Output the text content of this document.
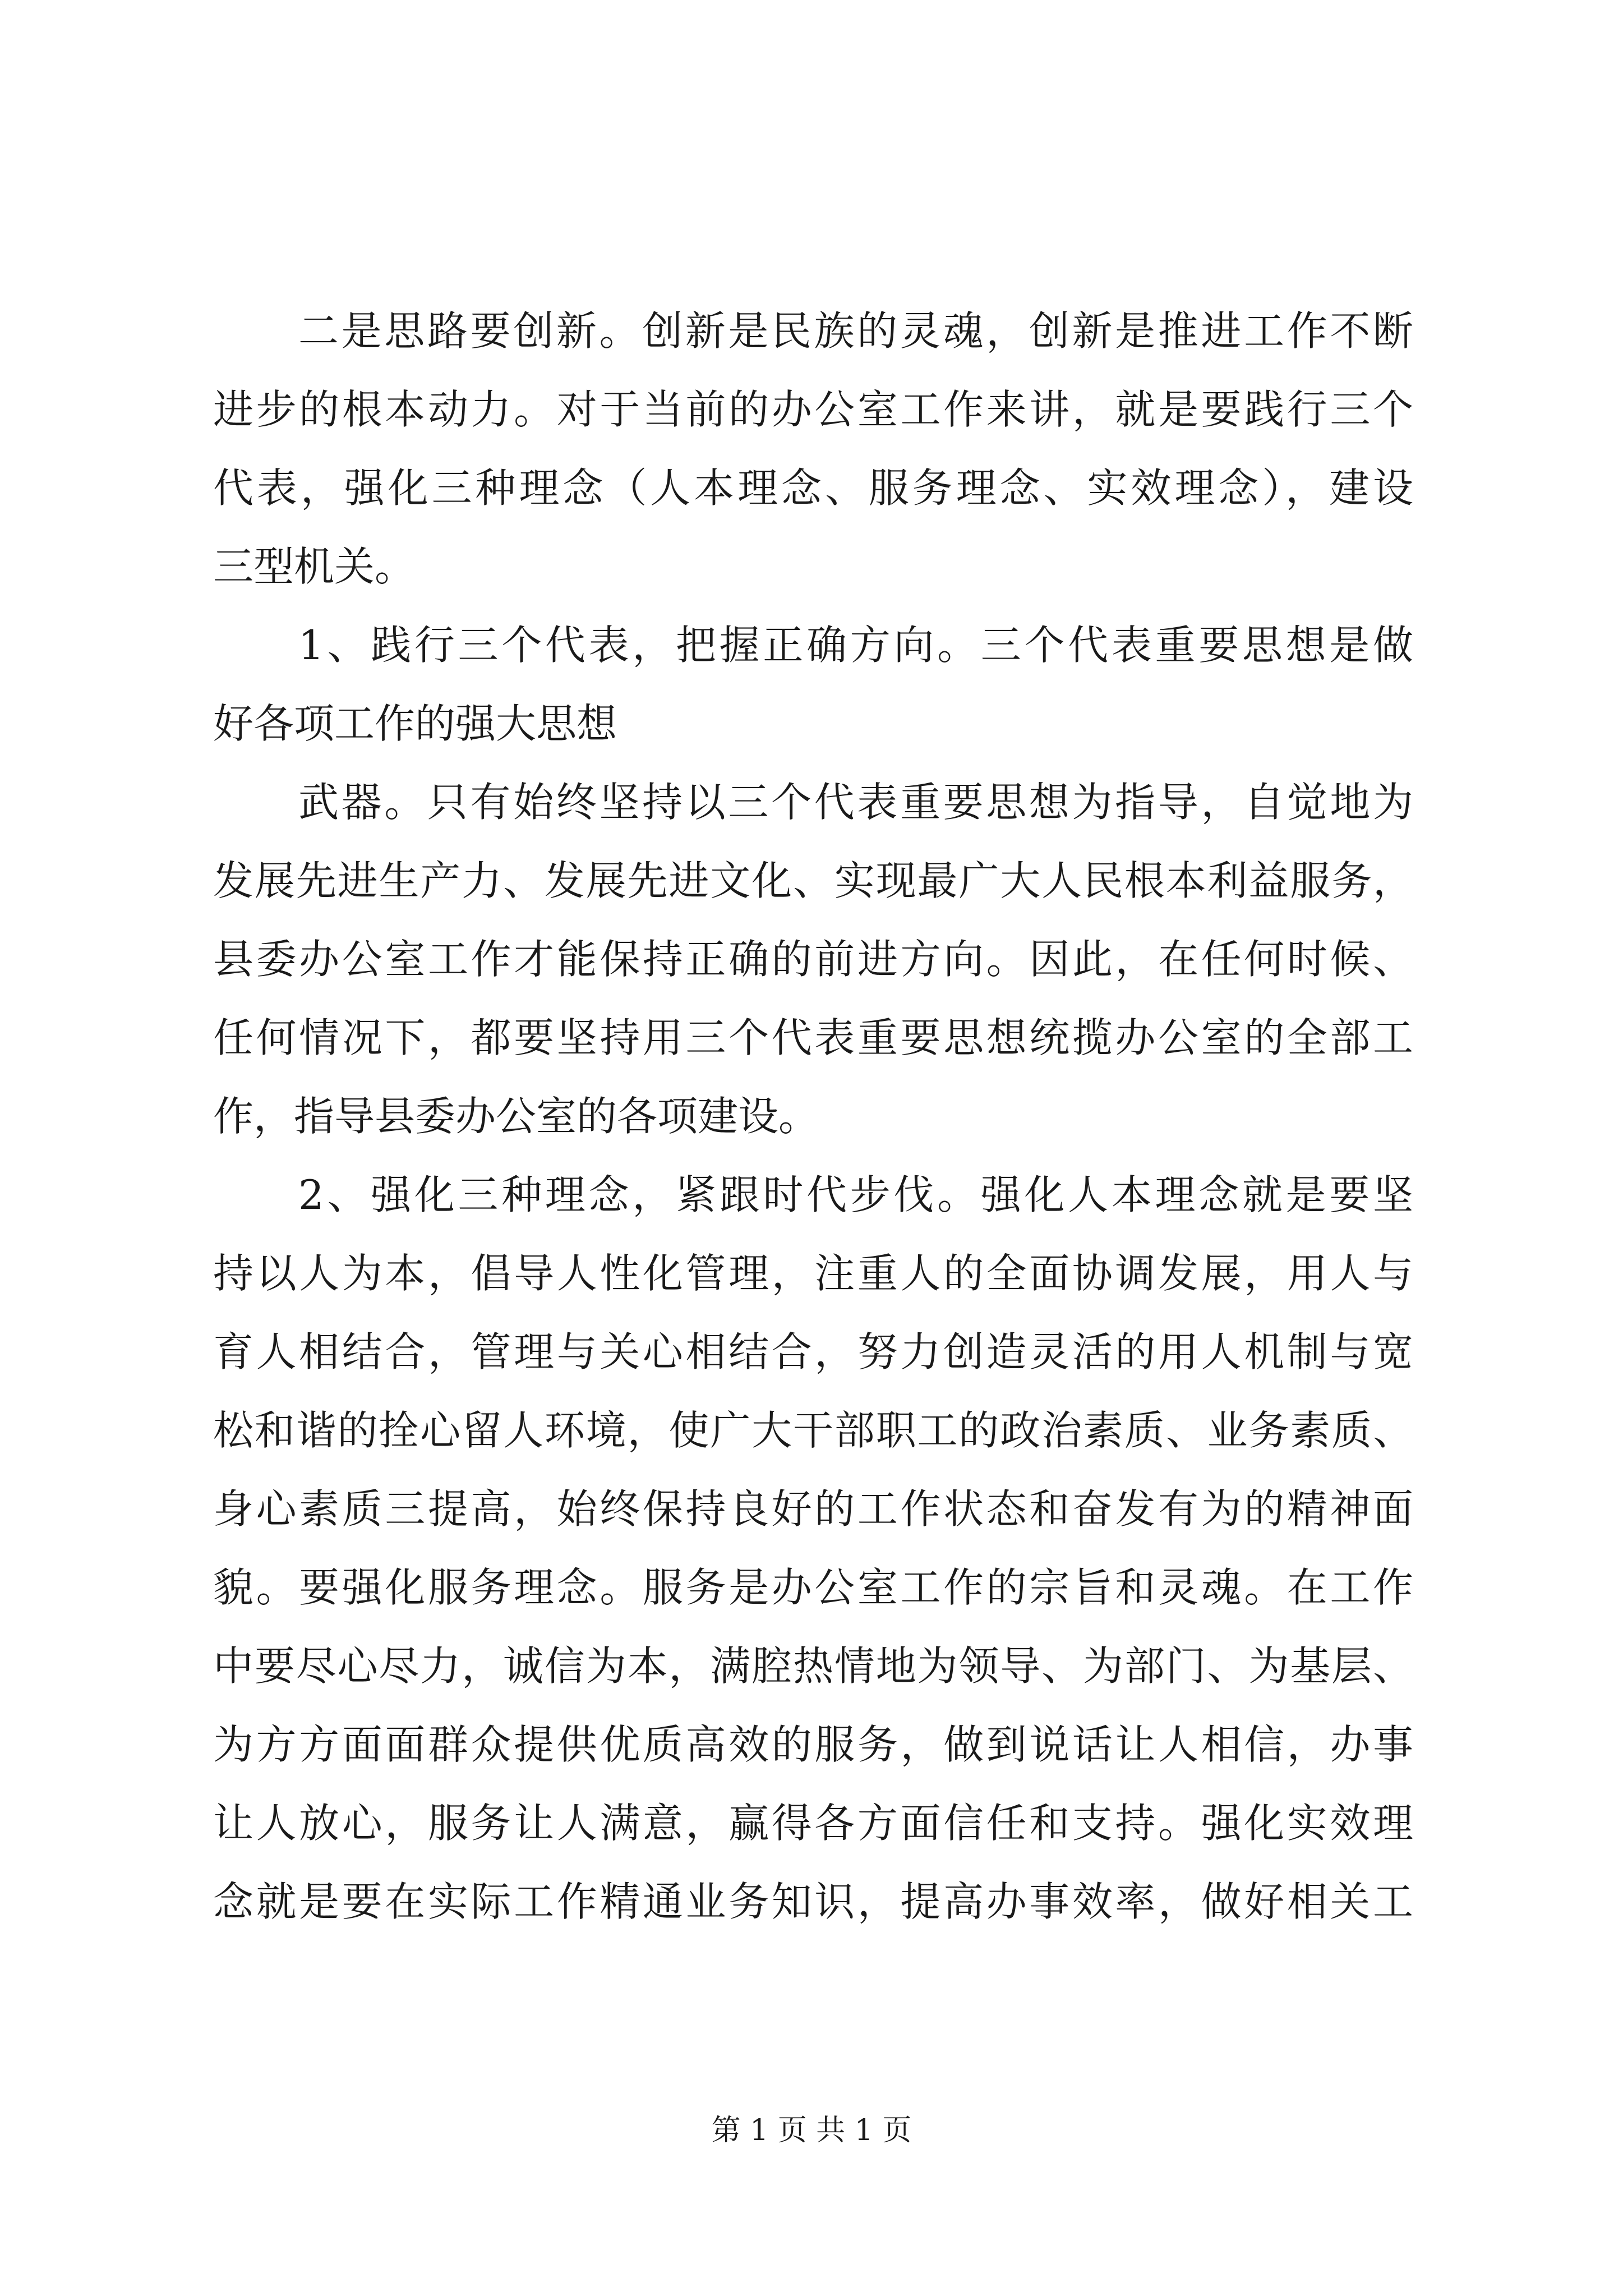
二是思路要创新。创新是民族的灵魂，创新是推进工作不断
进步的根本动力。对于当前的办公室工作来讲，就是要践行三个
代表，强化三种理念（人本理念、服务理念、实效理念），建设
三型机关。
1、践行三个代表，把握正确方向。三个代表重要思想是做
好各项工作的强大思想
武器。只有始终坚持以三个代表重要思想为指导，自觉地为
发展先进生产力、发展先进文化、实现最广大人民根本利益服务，
县委办公室工作才能保持正确的前进方向。因此，在任何时候、
任何情况下，都要坚持用三个代表重要思想统揽办公室的全部工
作，指导县委办公室的各项建设。
2、强化三种理念，紧跟时代步伐。强化人本理念就是要坚
持以人为本，倡导人性化管理，注重人的全面协调发展，用人与
育人相结合，管理与关心相结合，努力创造灵活的用人机制与宽
松和谐的拴心留人环境，使广大干部职工的政治素质、业务素质、
身心素质三提高，始终保持良好的工作状态和奋发有为的精神面
貌。要强化服务理念。服务是办公室工作的宗旨和灵魂。在工作
中要尽心尽力，诚信为本，满腔热情地为领导、为部门、为基层、
为方方面面群众提供优质高效的服务，做到说话让人相信，办事
让人放心，服务让人满意，赢得各方面信任和支持。强化实效理
念就是要在实际工作精通业务知识，提高办事效率，做好相关工
第 1 页 共 1 页
